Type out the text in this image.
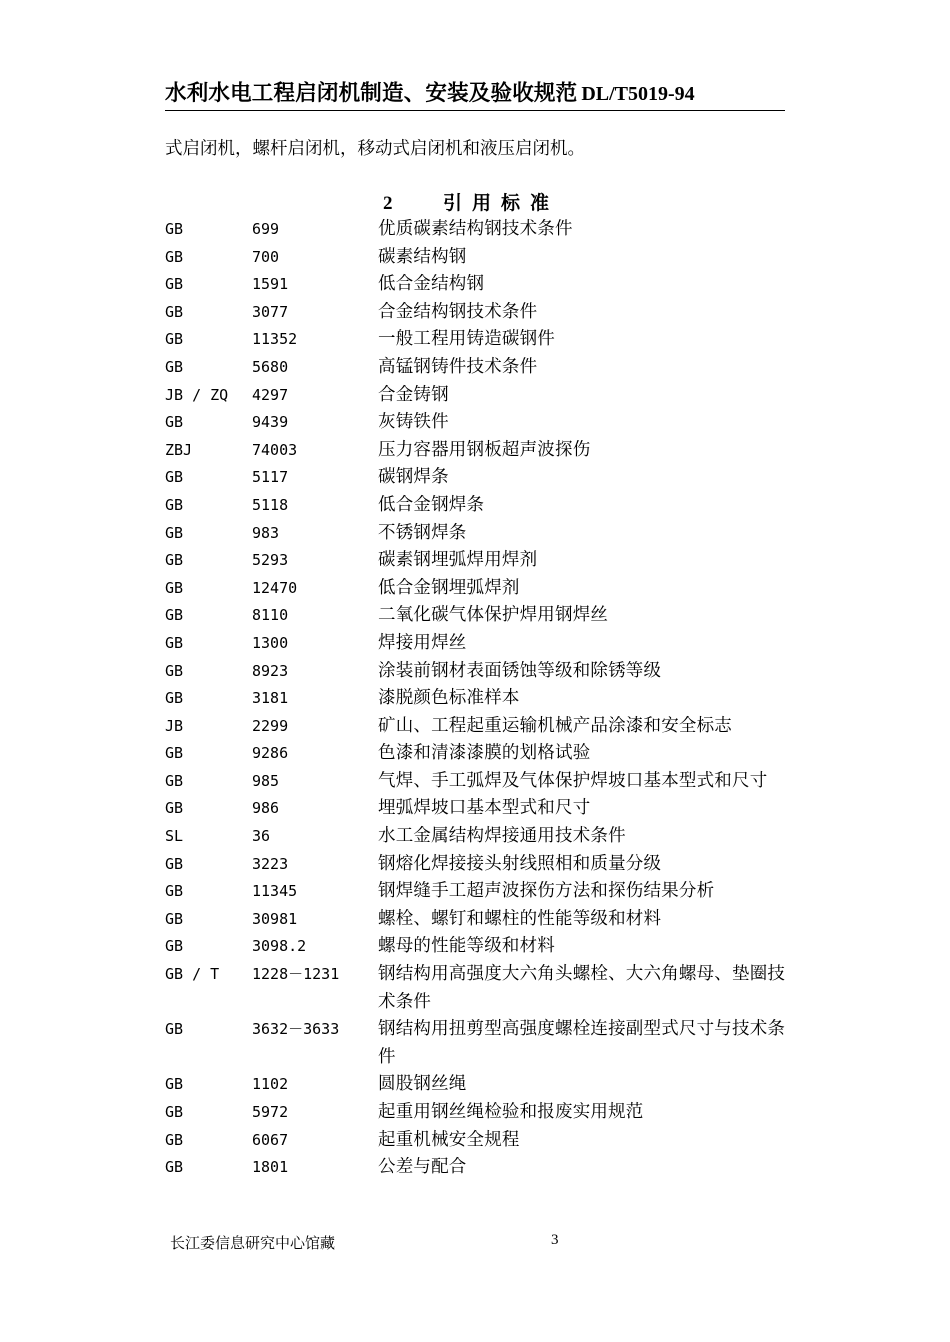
水利水电工程启闭机制造、安装及验收规范 DL/T5019-94
式启闭机，螺杆启闭机，移动式启闭机和液压启闭机。
2	引用标准
GB	699	优质碳素结构钢技术条件
GB	700	碳素结构钢
GB	1591	低合金结构钢
GB	3077	合金结构钢技术条件
GB	11352	一般工程用铸造碳钢件
GB	5680	高锰钢铸件技术条件
JB / ZQ	4297	合金铸钢
GB	9439	灰铸铁件
ZBJ	74003	压力容器用钢板超声波探伤
GB	5117	碳钢焊条
GB	5118	低合金钢焊条
GB	983	不锈钢焊条
GB	5293	碳素钢埋弧焊用焊剂
GB	12470	低合金钢埋弧焊剂
GB	8110	二氧化碳气体保护焊用钢焊丝
GB	1300	焊接用焊丝
GB	8923	涂装前钢材表面锈蚀等级和除锈等级
GB	3181	漆脱颜色标准样本
JB	2299	矿山、工程起重运输机械产品涂漆和安全标志
GB	9286	色漆和清漆漆膜的划格试验
GB	985	气焊、手工弧焊及气体保护焊坡口基本型式和尺寸
GB	986	埋弧焊坡口基本型式和尺寸
SL	36	水工金属结构焊接通用技术条件
GB	3223	钢熔化焊接接头射线照相和质量分级
GB	11345	钢焊缝手工超声波探伤方法和探伤结果分析
GB	30981	螺栓、螺钉和螺柱的性能等级和材料
GB	3098.2	螺母的性能等级和材料
GB / T	1228－1231	钢结构用高强度大六角头螺栓、大六角螺母、垫圈技术条件
GB	3632－3633	钢结构用扭剪型高强度螺栓连接副型式尺寸与技术条件
GB	1102	圆股钢丝绳
GB	5972	起重用钢丝绳检验和报废实用规范
GB	6067	起重机械安全规程
GB	1801	公差与配合
长江委信息研究中心馆藏	3
